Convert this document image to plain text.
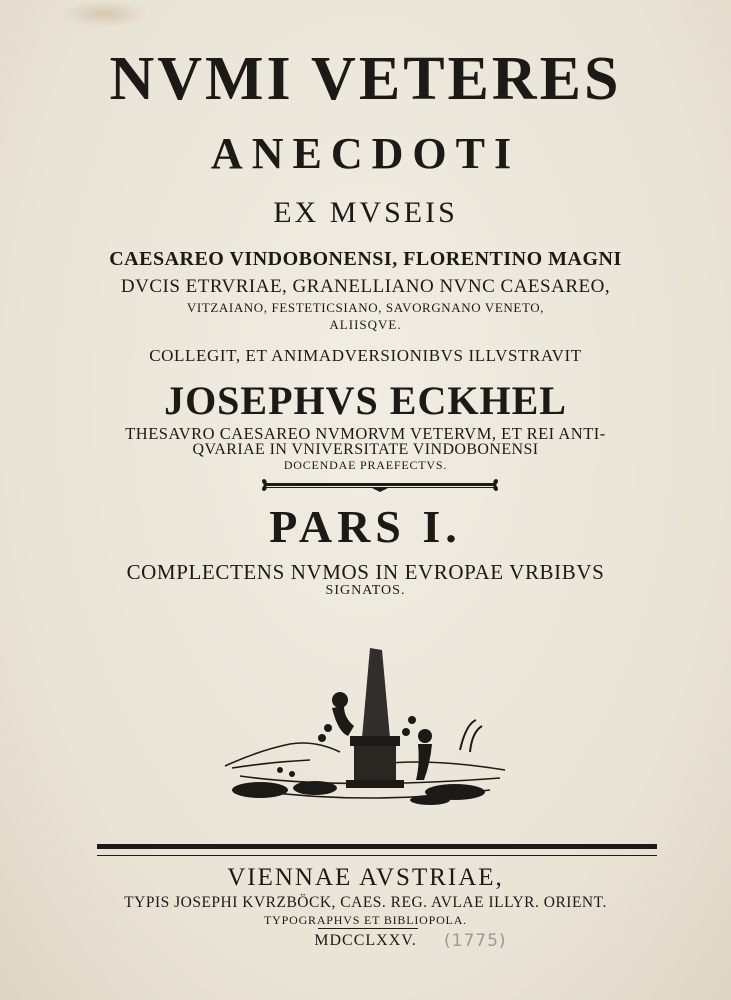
NVMI VETERES
ANECDOTI
EX MVSEIS
CAESAREO VINDOBONENSI, FLORENTINO MAGNI
DVCIS ETRVRIAE, GRANELLIANO NVNC CAESAREO,
VITZAIANO, FESTETICSIANO, SAVORGNANO VENETO,
ALIISQVE.
COLLEGIT, ET ANIMADVERSIONIBVS ILLVSTRAVIT
JOSEPHVS ECKHEL
THESAVRO CAESAREO NVMORVM VETERVM, ET REI ANTI-
QVARIAE IN VNIVERSITATE VINDOBONENSI
DOCENDAE PRAEFECTVS.
PARS I.
COMPLECTENS NVMOS IN EVROPAE VRBIBVS
SIGNATOS.
VIENNAE AVSTRIAE,
TYPIS JOSEPHI KVRZBÖCK, CAES. REG. AVLAE ILLYR. ORIENT.
TYPOGRAPHVS ET BIBLIOPOLA.
MDCCLXXV.	(1775)
